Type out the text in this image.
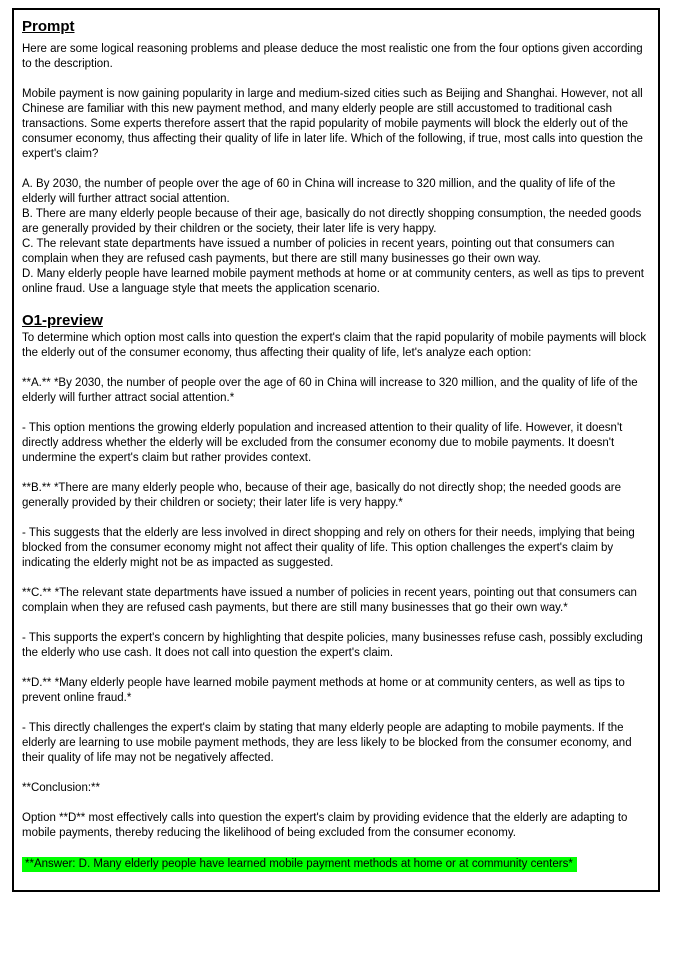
Prompt

Here are some logical reasoning problems and please deduce the most realistic one from the four options given according to the description.

Mobile payment is now gaining popularity in large and medium-sized cities such as Beijing and Shanghai. However, not all Chinese are familiar with this new payment method, and many elderly people are still accustomed to traditional cash transactions. Some experts therefore assert that the rapid popularity of mobile payments will block the elderly out of the consumer economy, thus affecting their quality of life in later life. Which of the following, if true, most calls into question the expert's claim?

A. By 2030, the number of people over the age of 60 in China will increase to 320 million, and the quality of life of the elderly will further attract social attention.
B. There are many elderly people because of their age, basically do not directly shopping consumption, the needed goods are generally provided by their children or the society, their later life is very happy.
C. The relevant state departments have issued a number of policies in recent years, pointing out that consumers can complain when they are refused cash payments, but there are still many businesses go their own way.
D. Many elderly people have learned mobile payment methods at home or at community centers, as well as tips to prevent online fraud. Use a language style that meets the application scenario.
O1-preview

To determine which option most calls into question the expert's claim that the rapid popularity of mobile payments will block the elderly out of the consumer economy, thus affecting their quality of life, let's analyze each option:

**A.** *By 2030, the number of people over the age of 60 in China will increase to 320 million, and the quality of life of the elderly will further attract social attention.*

- This option mentions the growing elderly population and increased attention to their quality of life. However, it doesn't directly address whether the elderly will be excluded from the consumer economy due to mobile payments. It doesn't undermine the expert's claim but rather provides context.

**B.** *There are many elderly people who, because of their age, basically do not directly shop; the needed goods are generally provided by their children or society; their later life is very happy.*

- This suggests that the elderly are less involved in direct shopping and rely on others for their needs, implying that being blocked from the consumer economy might not affect their quality of life. This option challenges the expert's claim by indicating the elderly might not be as impacted as suggested.

**C.** *The relevant state departments have issued a number of policies in recent years, pointing out that consumers can complain when they are refused cash payments, but there are still many businesses that go their own way.*

- This supports the expert's concern by highlighting that despite policies, many businesses refuse cash, possibly excluding the elderly who use cash. It does not call into question the expert's claim.

**D.** *Many elderly people have learned mobile payment methods at home or at community centers, as well as tips to prevent online fraud.*

- This directly challenges the expert's claim by stating that many elderly people are adapting to mobile payments. If the elderly are learning to use mobile payment methods, they are less likely to be blocked from the consumer economy, and their quality of life may not be negatively affected.

**Conclusion:**

Option **D** most effectively calls into question the expert's claim by providing evidence that the elderly are adapting to mobile payments, thereby reducing the likelihood of being excluded from the consumer economy.

**Answer: D. Many elderly people have learned mobile payment methods at home or at community centers*
